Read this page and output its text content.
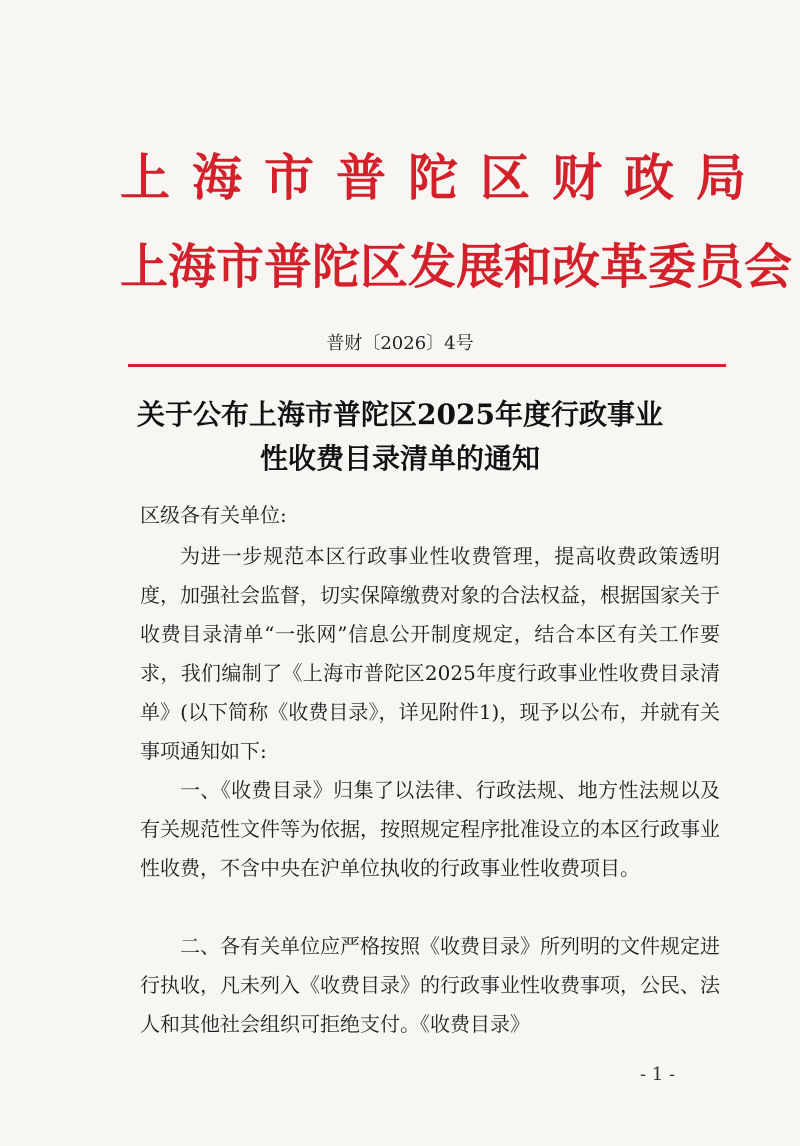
上海市普陀区财政局
上海市普陀区发展和改革委员会
普财〔2026〕4号
关于公布上海市普陀区2025年度行政事业
性收费目录清单的通知
区级各有关单位:
为进一步规范本区行政事业性收费管理，提高收费政策透明度，加强社会监督，切实保障缴费对象的合法权益，根据国家关于收费目录清单“一张网”信息公开制度规定，结合本区有关工作要求，我们编制了《上海市普陀区2025年度行政事业性收费目录清单》(以下简称《收费目录》，详见附件1)，现予以公布，并就有关事项通知如下:
一、《收费目录》归集了以法律、行政法规、地方性法规以及有关规范性文件等为依据，按照规定程序批准设立的本区行政事业性收费，不含中央在沪单位执收的行政事业性收费项目。
二、各有关单位应严格按照《收费目录》所列明的文件规定进行执收，凡未列入《收费目录》的行政事业性收费事项，公民、法人和其他社会组织可拒绝支付。《收费目录》
- 1 -
